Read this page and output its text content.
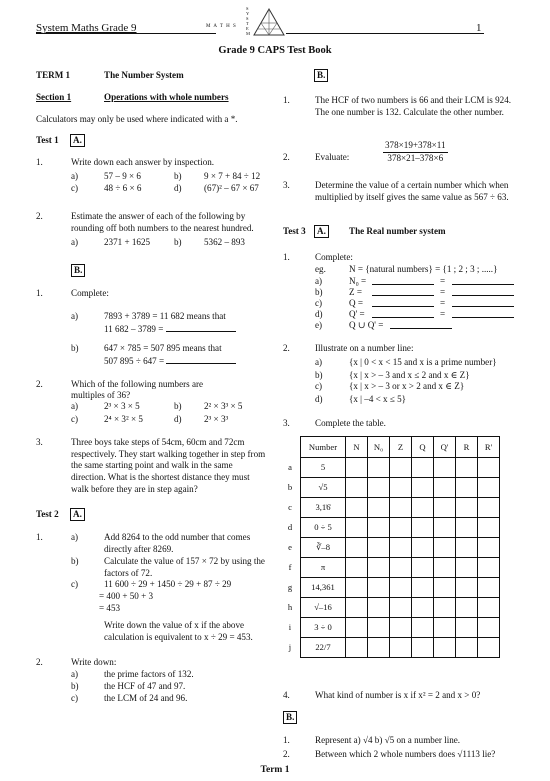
System Maths Grade 9	M A T H S
SYSTEM	1
Grade 9 CAPS Test Book
TERM 1	The Number System
Section 1	Operations with whole numbers
Calculators may only be used where indicated with a *.
Test 1	A.
1.	Write down each answer by inspection.
a)	57 – 9 × 6	b) 9 × 7 + 84 ÷ 12
c)	48 ÷ 6 × 6	d) (67)² – 67 × 67
2.	Estimate the answer of each of the following by rounding off both numbers to the nearest hundred.
a)	2371 + 1625	b) 5362 – 893
B.
1.	Complete:
a)	7893 + 3789 = 11 682 means that
11 682 – 3789 =
b)	647 × 785 = 507 895 means that
507 895 ÷ 647 =
2.	Which of the following numbers are
multiples of 36?
a)	2³ × 3 × 5	b) 2² × 3³ × 5
c)	2⁴ × 3² × 5	d) 2³ × 3³
3.	Three boys take steps of 54cm, 60cm and 72cm respectively. They start walking together in step from the same starting point and walk in the same direction. What is the shortest distance they must walk before they are in step again?
Test 2	A.
1.	a)	Add 8264 to the odd number that comes directly after 8269.
b)	Calculate the value of 157 × 72 by using the factors of 72.
c)	11 600 ÷ 29 + 1450 ÷ 29 + 87 ÷ 29
= 400 + 50 + 3
= 453
Write down the value of x if the above calculation is equivalent to x ÷ 29 = 453.
2.	Write down:
a)	the prime factors of 132.
b)	the HCF of 47 and 97.
c)	the LCM of 24 and 96.
B.
1.	The HCF of two numbers is 66 and their LCM is 924. The one number is 132. Calculate the other number.
2.	Evaluate:	$\frac{378\times 19+378\times 11}{378\times 21-378\times 6}$
3.	Determine the value of a certain number which when multiplied by itself gives the same value as 567 ÷ 63.
Test 3	A.	The Real number system
1.	Complete:
eg.	N = {natural numbers} = {1 ; 2 ; 3 ; .....}
a)	N₀ =	=
b)	Z =	=
c)	Q =	=
d)	Q' =	=
e)	Q ∪ Q' =
2.	Illustrate on a number line:
a)	{x | 0 < x < 15 and x is a prime number}
b)	{x | x > – 3 and x ≤ 2 and x ∈ Z}
c)	{x | x > – 3 or x > 2 and x ∈ Z}
d)	{x | –4 < x ≤ 5}
3.	Complete the table.
	Number	N	N₀	Z	Q	Q'	R	R'
a	5							
b	√5							
c	3,1̇6̇							
d	0 ÷ 5							
e	∛–8							
f	π							
g	14,361							
h	√–16							
i	3 ÷ 0							
j	22/7							
4.	What kind of number is x if x² = 2 and x > 0?
B.
1.	Represent a) √4 b) √5 on a number line.
2.	Between which 2 whole numbers does √1113 lie?
Term 1
